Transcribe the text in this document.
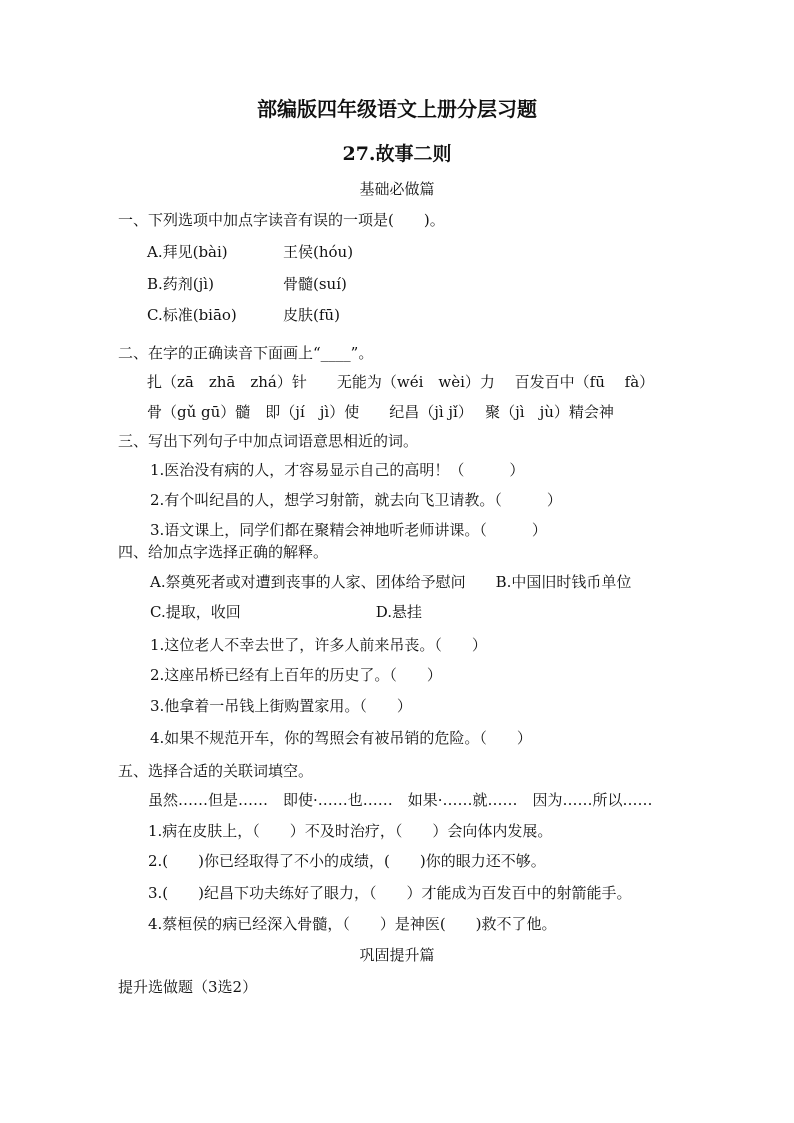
部编版四年级语文上册分层习题
27.故事二则
基础必做篇
一、下列选项中加点字读音有误的一项是(　　)。
A.拜见(bài)	王侯(hóu)
B.药剂(jì)	骨髓(suí)
C.标准(biāo)	皮肤(fū)
二、在字的正确读音下面画上“____”。
扎（zā　zhā　zhá）针　　无能为（wéi　wèi）力　 百发百中（fū　 fà）
骨（gǔ gū）髓　即（jí　jì）使　　纪昌（jì jǐ）　 聚（jì　jù）精会神
三、写出下列句子中加点词语意思相近的词。
1.医治没有病的人，才容易显示自己的高明！（　　　）
2.有个叫纪昌的人，想学习射箭，就去向飞卫请教。（　　　）
3.语文课上，同学们都在聚精会神地听老师讲课。（　　　）
四、给加点字选择正确的解释。
A.祭奠死者或对遭到丧事的人家、团体给予慰问　　B.中国旧时钱币单位
C.提取，收回　　　　　　　　　D.悬挂
1.这位老人不幸去世了，许多人前来吊丧。（　　）
2.这座吊桥已经有上百年的历史了。（　　）
3.他拿着一吊钱上街购置家用。（　　）
4.如果不规范开车，你的驾照会有被吊销的危险。（　　）
五、选择合适的关联词填空。
虽然……但是……　即使·……也……　如果·……就……　因为……所以……
1.病在皮肤上，（　　）不及时治疗，（　　）会向体内发展。
2.(　　)你已经取得了不小的成绩，(　　)你的眼力还不够。
3.(　　)纪昌下功夫练好了眼力，（　　）才能成为百发百中的射箭能手。
4.蔡桓侯的病已经深入骨髓，（　　）是神医(　　)救不了他。
巩固提升篇
提升选做题（3选2）
